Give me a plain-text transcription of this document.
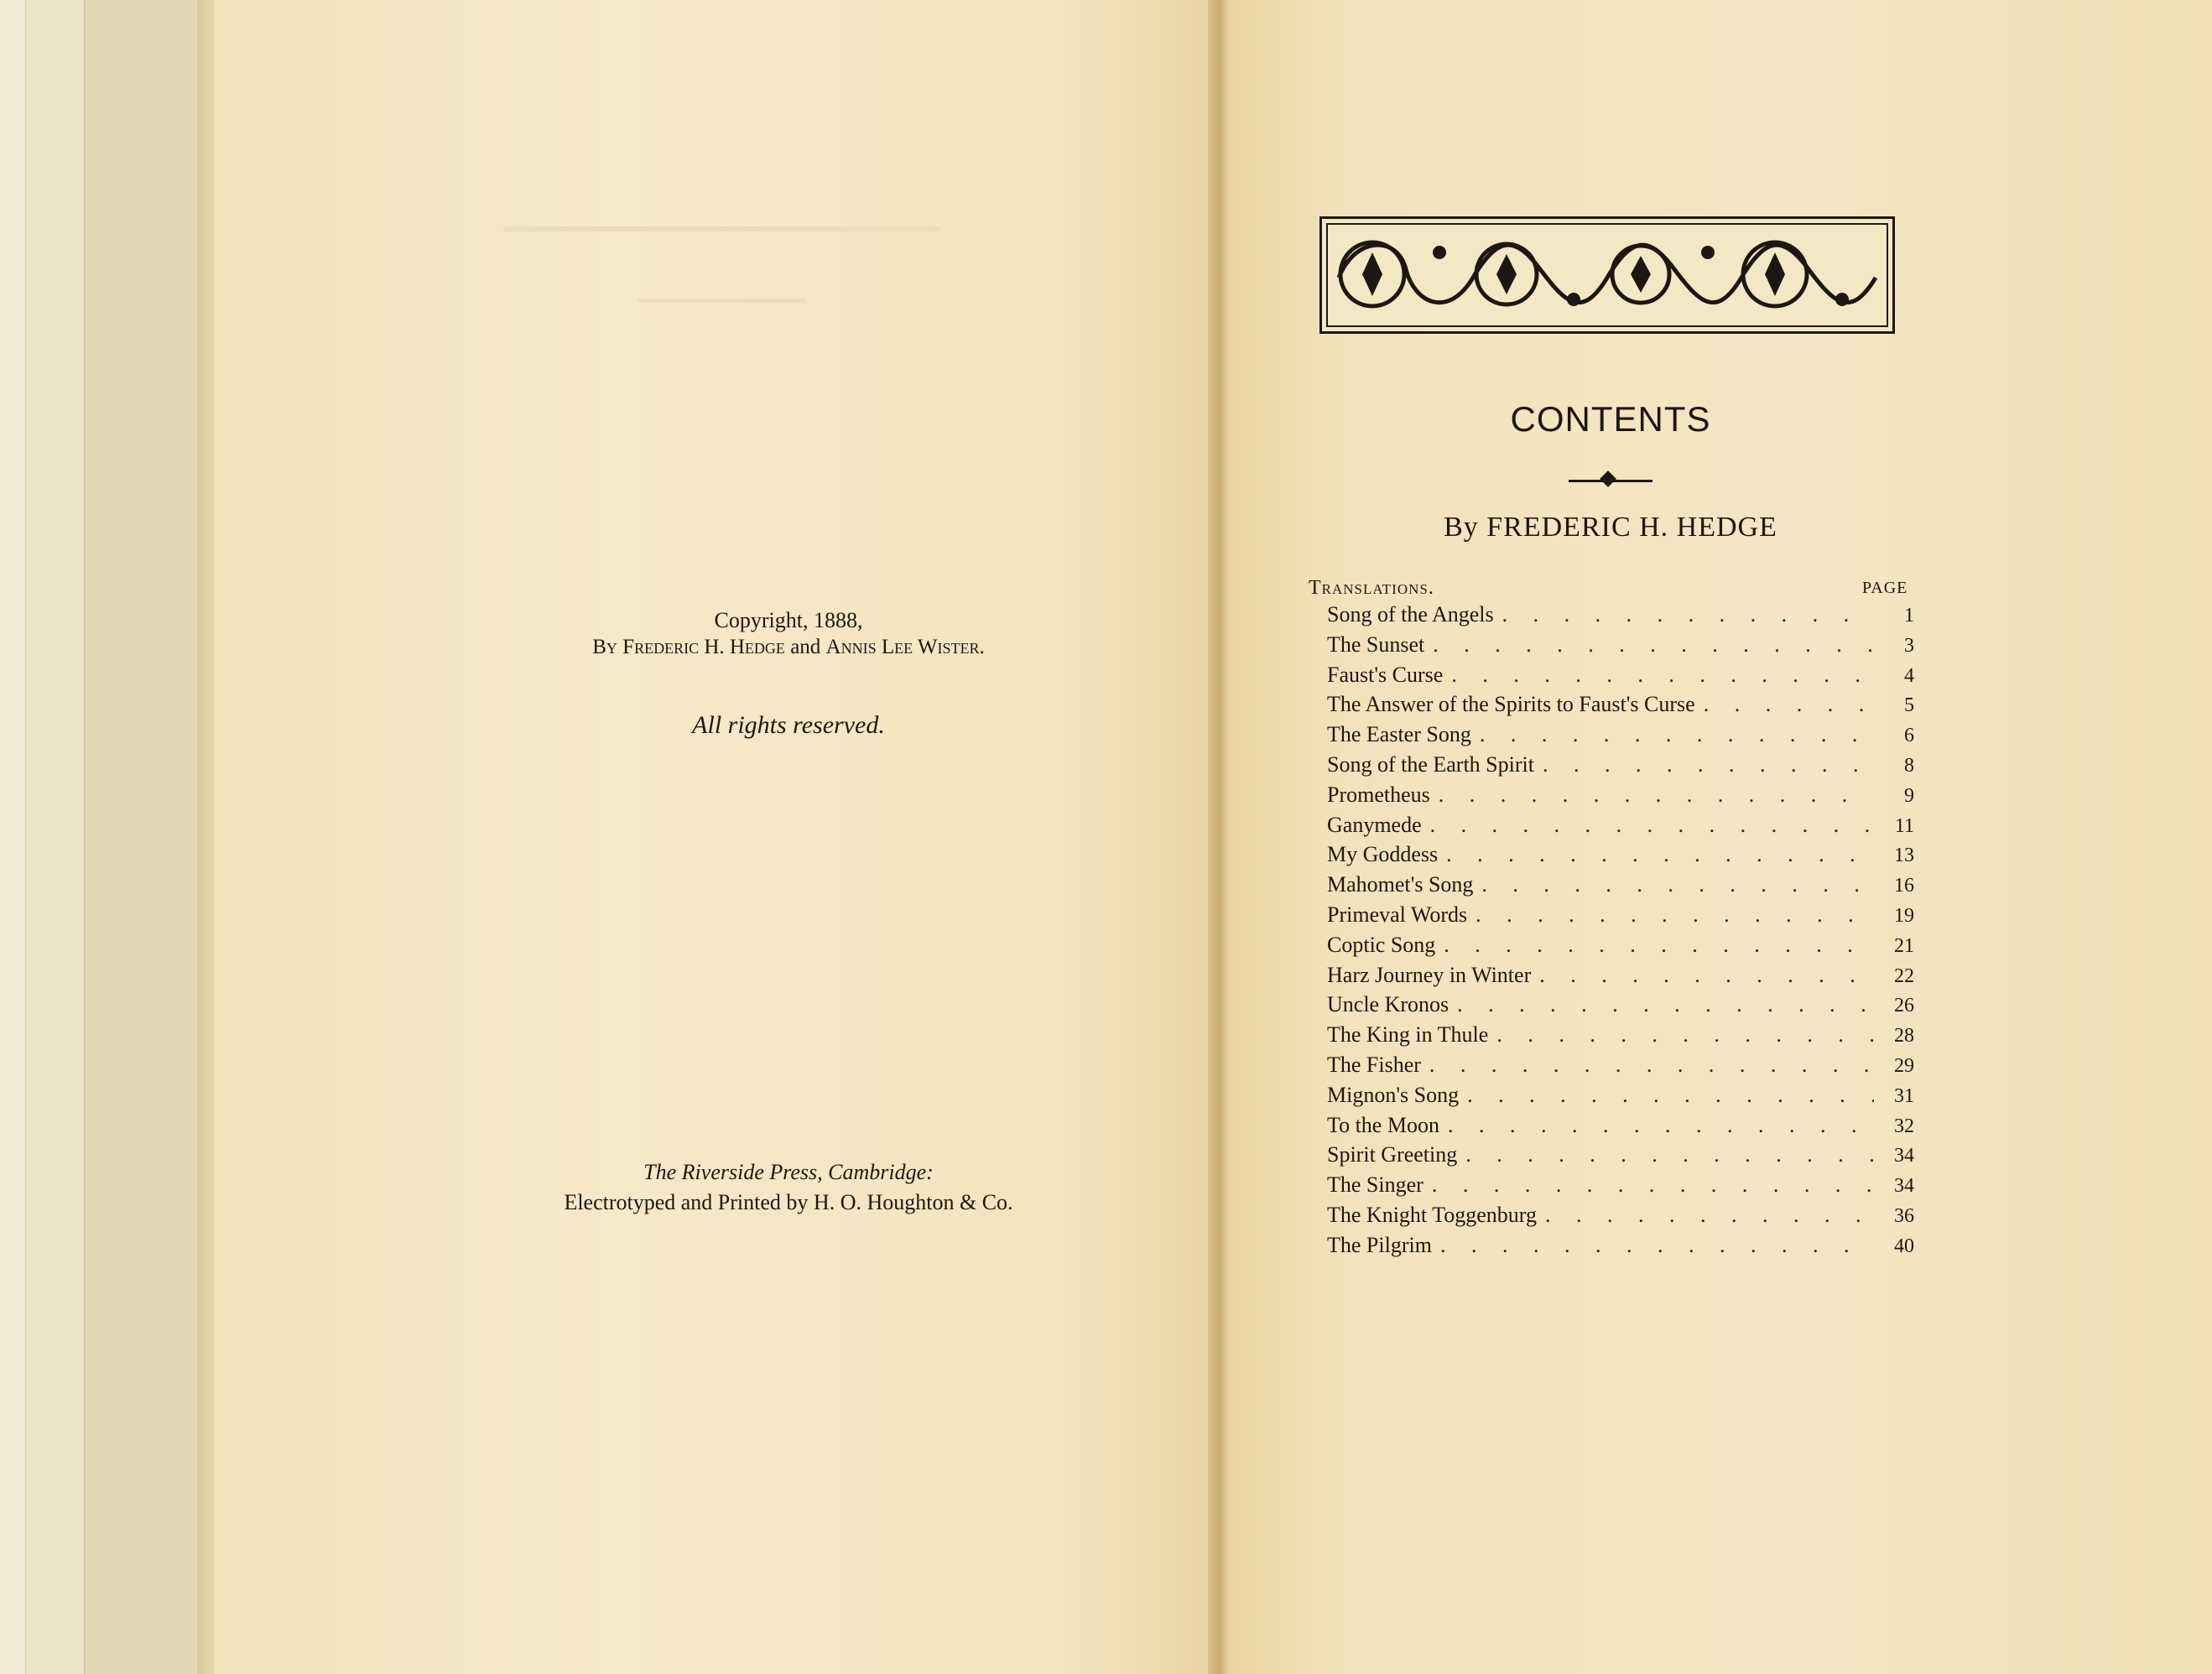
Copyright, 1888,
By Frederic H. Hedge and Annis Lee Wister.
All rights reserved.
The Riverside Press, Cambridge:
Electrotyped and Printed by H. O. Houghton & Co.
CONTENTS
By FREDERIC H. HEDGE
Translations.	PAGE
Song of the Angels . . .	1
The Sunset . . .	3
Faust's Curse . . .	4
The Answer of the Spirits to Faust's Curse . . .	5
The Easter Song . . .	6
Song of the Earth Spirit . . .	8
Prometheus . . .	9
Ganymede . . .	11
My Goddess . . .	13
Mahomet's Song . . .	16
Primeval Words . . .	19
Coptic Song . . .	21
Harz Journey in Winter . . .	22
Uncle Kronos . . .	26
The King in Thule . . .	28
The Fisher . . .	29
Mignon's Song . . .	31
To the Moon . . .	32
Spirit Greeting . . .	34
The Singer . . .	34
The Knight Toggenburg . . .	36
The Pilgrim . . .	40
